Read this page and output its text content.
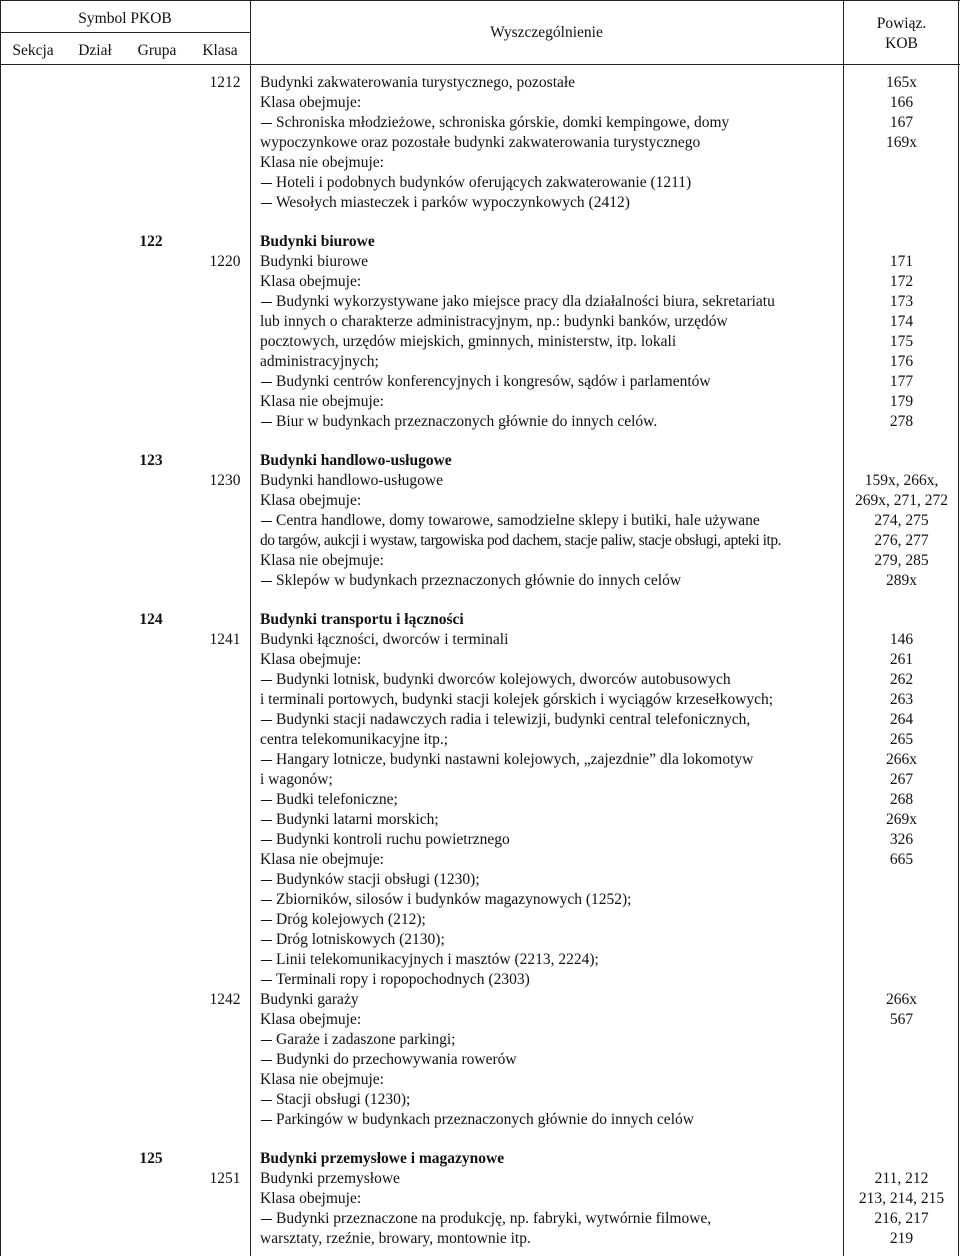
Symbol PKOB
Sekcja	Dział	Grupa	Klasa
Wyszczególnienie
Powiąz.
KOB
1212	Budynki zakwaterowania turystycznego, pozostałe	165x
Klasa obejmuje:	166
Schroniska młodzieżowe, schroniska górskie, domki kempingowe, domy	167
wypoczynkowe oraz pozostałe budynki zakwaterowania turystycznego	169x
Klasa nie obejmuje:
Hoteli i podobnych budynków oferujących zakwaterowanie (1211)
Wesołych miasteczek i parków wypoczynkowych (2412)
122	Budynki biurowe
1220	Budynki biurowe	171
Klasa obejmuje:	172
Budynki wykorzystywane jako miejsce pracy dla działalności biura, sekretariatu	173
lub innych o charakterze administracyjnym, np.: budynki banków, urzędów	174
pocztowych, urzędów miejskich, gminnych, ministerstw, itp. lokali	175
administracyjnych;	176
Budynki centrów konferencyjnych i kongresów, sądów i parlamentów	177
Klasa nie obejmuje:	179
Biur w budynkach przeznaczonych głównie do innych celów.	278
123	Budynki handlowo-usługowe
1230	Budynki handlowo-usługowe	159x, 266x,
Klasa obejmuje:	269x, 271, 272
Centra handlowe, domy towarowe, samodzielne sklepy i butiki, hale używane	274, 275
do targów, aukcji i wystaw, targowiska pod dachem, stacje paliw, stacje obsługi, apteki itp.	276, 277
Klasa nie obejmuje:	279, 285
Sklepów w budynkach przeznaczonych głównie do innych celów	289x
124	Budynki transportu i łączności
1241	Budynki łączności, dworców i terminali	146
Klasa obejmuje:	261
Budynki lotnisk, budynki dworców kolejowych, dworców autobusowych	262
i terminali portowych, budynki stacji kolejek górskich i wyciągów krzesełkowych;	263
Budynki stacji nadawczych radia i telewizji, budynki central telefonicznych,	264
centra telekomunikacyjne itp.;	265
Hangary lotnicze, budynki nastawni kolejowych, „zajezdnie” dla lokomotyw	266x
i wagonów;	267
Budki telefoniczne;	268
Budynki latarni morskich;	269x
Budynki kontroli ruchu powietrznego	326
Klasa nie obejmuje:	665
Budynków stacji obsługi (1230);
Zbiorników, silosów i budynków magazynowych (1252);
Dróg kolejowych (212);
Dróg lotniskowych (2130);
Linii telekomunikacyjnych i masztów (2213, 2224);
Terminali ropy i ropopochodnych (2303)
1242	Budynki garaży	266x
Klasa obejmuje:	567
Garaże i zadaszone parkingi;
Budynki do przechowywania rowerów
Klasa nie obejmuje:
Stacji obsługi (1230);
Parkingów w budynkach przeznaczonych głównie do innych celów
125	Budynki przemysłowe i magazynowe
1251	Budynki przemysłowe	211, 212
Klasa obejmuje:	213, 214, 215
Budynki przeznaczone na produkcję, np. fabryki, wytwórnie filmowe,	216, 217
warsztaty, rzeźnie, browary, montownie itp.	219
